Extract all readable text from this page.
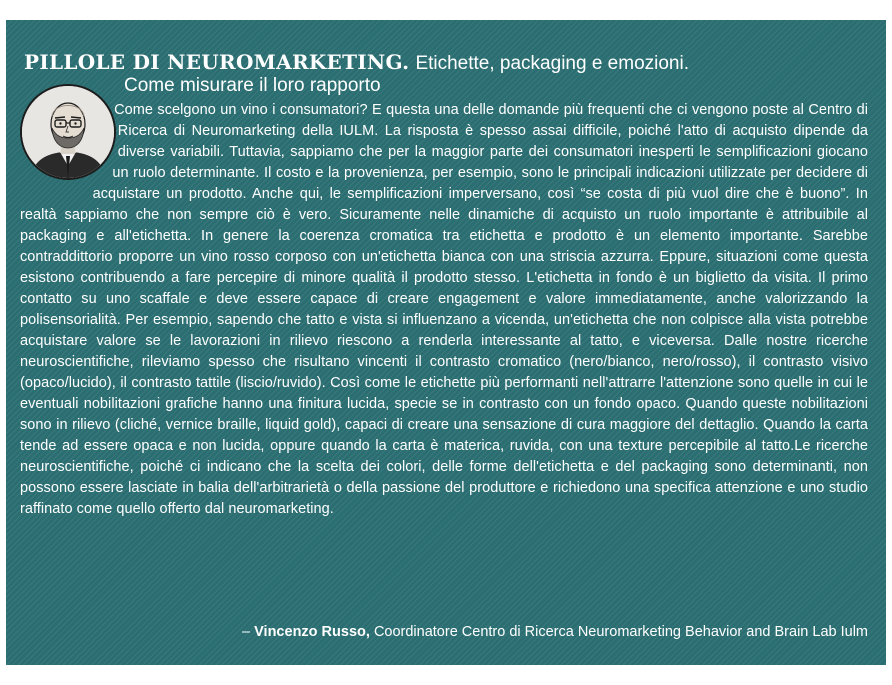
PILLOLE DI NEUROMARKETING. Etichette, packaging e emozioni.
Come misurare il loro rapporto
Come scelgono un vino i consumatori? E questa una delle domande più frequenti che ci vengono poste al Centro di Ricerca di Neuromarketing della IULM. La risposta è spesso assai difficile, poiché l'atto di acquisto dipende da diverse variabili. Tuttavia, sappiamo che per la maggior parte dei consumatori inesperti le semplificazioni giocano un ruolo determinante. Il costo e la provenienza, per esempio, sono le principali indicazioni utilizzate per decidere di acquistare un prodotto. Anche qui, le semplificazioni imperversano, così “se costa di più vuol dire che è buono”. In realtà sappiamo che non sempre ciò è vero. Sicuramente nelle dinamiche di acquisto un ruolo importante è attribuibile al packaging e all'etichetta. In genere la coerenza cromatica tra etichetta e prodotto è un elemento importante. Sarebbe contraddittorio proporre un vino rosso corposo con un'etichetta bianca con una striscia azzurra. Eppure, situazioni come questa esistono contribuendo a fare percepire di minore qualità il prodotto stesso. L'etichetta in fondo è un biglietto da visita. Il primo contatto su uno scaffale e deve essere capace di creare engagement e valore immediatamente, anche valorizzando la polisensorialità. Per esempio, sapendo che tatto e vista si influenzano a vicenda, un'etichetta che non colpisce alla vista potrebbe acquistare valore se le lavorazioni in rilievo riescono a renderla interessante al tatto, e viceversa. Dalle nostre ricerche neuroscientifiche, rileviamo spesso che risultano vincenti il contrasto cromatico (nero/bianco, nero/rosso), il contrasto visivo (opaco/lucido), il contrasto tattile (liscio/ruvido). Così come le etichette più performanti nell'attrarre l'attenzione sono quelle in cui le eventuali nobilitazioni grafiche hanno una finitura lucida, specie se in contrasto con un fondo opaco. Quando queste nobilitazioni sono in rilievo (cliché, vernice braille, liquid gold), capaci di creare una sensazione di cura maggiore del dettaglio. Quando la carta tende ad essere opaca e non lucida, oppure quando la carta è materica, ruvida, con una texture percepibile al tatto.Le ricerche neuroscientifiche, poiché ci indicano che la scelta dei colori, delle forme dell'etichetta e del packaging sono determinanti, non possono essere lasciate in balia dell'arbitrarietà o della passione del produttore e richiedono una specifica attenzione e uno studio raffinato come quello offerto dal neuromarketing.
– Vincenzo Russo, Coordinatore Centro di Ricerca Neuromarketing Behavior and Brain Lab Iulm
